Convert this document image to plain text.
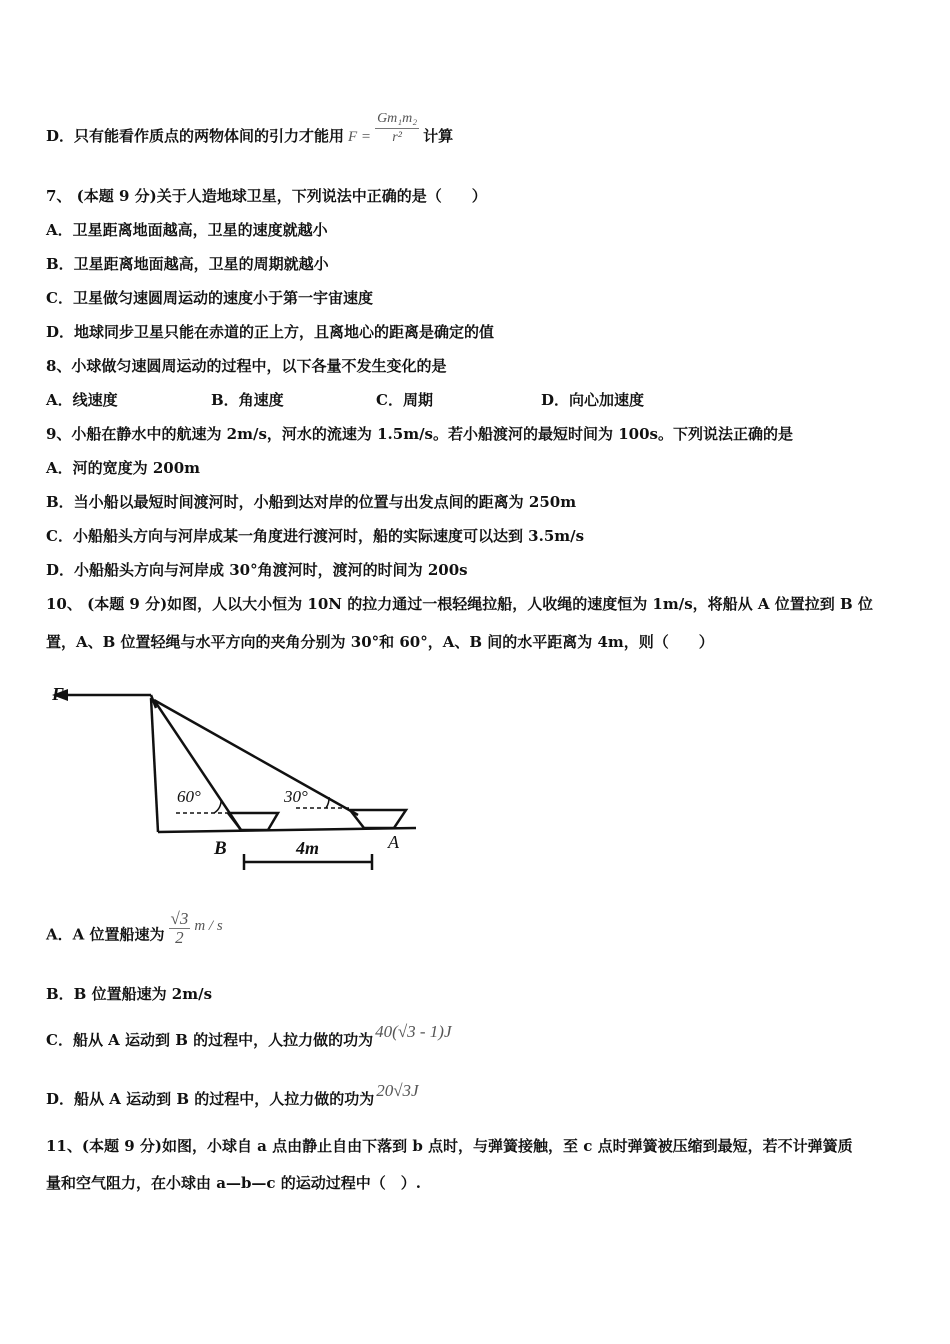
D．只有能看作质点的两物体间的引力才能用 $F = \frac{\text{Gm₁m₂}}{\text{r²}}$ 计算
7、 (本题 9 分)关于人造地球卫星，下列说法中正确的是（　　）
A．卫星距离地面越高，卫星的速度就越小
B．卫星距离地面越高，卫星的周期就越小
C．卫星做匀速圆周运动的速度小于第一宇宙速度
D．地球同步卫星只能在赤道的正上方，且离地心的距离是确定的值
8、小球做匀速圆周运动的过程中，以下各量不发生变化的是
A．线速度	B．角速度	C．周期	D．向心加速度
9、小船在静水中的航速为 2m/s，河水的流速为 1.5m/s。若小船渡河的最短时间为 100s。下列说法正确的是
A．河的宽度为 200m
B．当小船以最短时间渡河时，小船到达对岸的位置与出发点间的距离为 250m
C．小船船头方向与河岸成某一角度进行渡河时，船的实际速度可以达到 3.5m/s
D．小船船头方向与河岸成 30°角渡河时，渡河的时间为 200s
10、 (本题 9 分)如图，人以大小恒为 10N 的拉力通过一根轻绳拉船，人收绳的速度恒为 1m/s，将船从 A 位置拉到 B 位
置，A、B 位置轻绳与水平方向的夹角分别为 30°和 60°，A、B 间的水平距离为 4m，则（　　）
F
60°	30°
B	A
4m
A．A 位置船速为 $\frac{√3}{2}$ m / s
B．B 位置船速为 2m/s
C．船从 A 运动到 B 的过程中，人拉力做的功为 40(√3 - 1)J
D．船从 A 运动到 B 的过程中，人拉力做的功为 20√3J
11、(本题 9 分)如图，小球自 a 点由静止自由下落到 b 点时，与弹簧接触，至 c 点时弹簧被压缩到最短，若不计弹簧质
量和空气阻力，在小球由 a—b—c 的运动过程中（　）.
